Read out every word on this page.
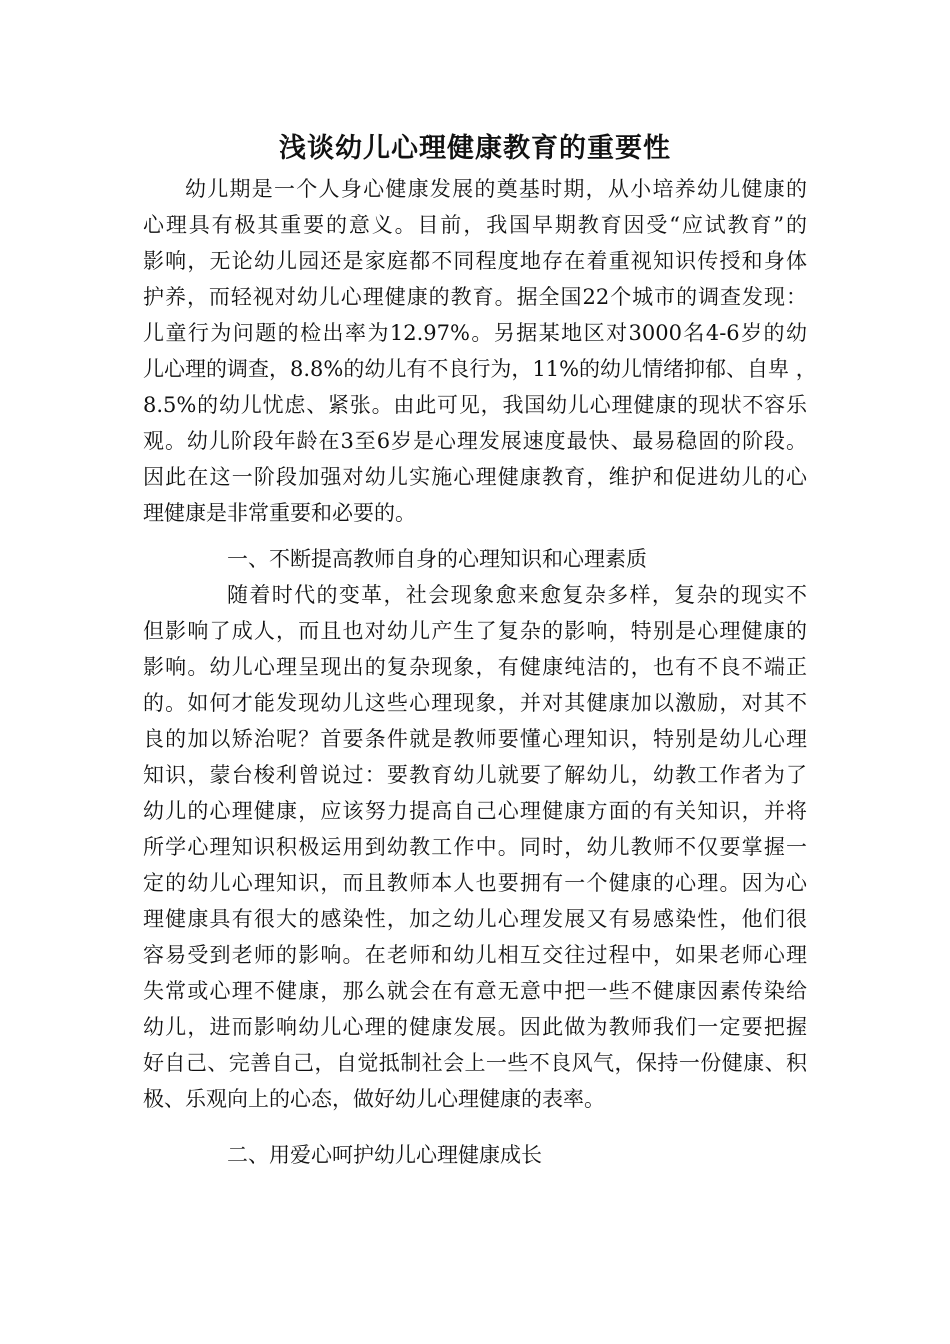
浅谈幼儿心理健康教育的重要性

幼儿期是一个人身心健康发展的奠基时期，从小培养幼儿健康的

心理具有极其重要的意义。目前，我国早期教育因受“应试教育”的

影响，无论幼儿园还是家庭都不同程度地存在着重视知识传授和身体

护养，而轻视对幼儿心理健康的教育。据全国22个城市的调查发现：

儿童行为问题的检出率为12.97%。另据某地区对3000名4-6岁的幼

儿心理的调查，8.8%的幼儿有不良行为，11%的幼儿情绪抑郁、自卑 ，

8.5%的幼儿忧虑、紧张。由此可见，我国幼儿心理健康的现状不容乐

观。幼儿阶段年龄在3至6岁是心理发展速度最快、最易稳固的阶段。

因此在这一阶段加强对幼儿实施心理健康教育，维护和促进幼儿的心

理健康是非常重要和必要的。

一、不断提高教师自身的心理知识和心理素质

随着时代的变革，社会现象愈来愈复杂多样，复杂的现实不

但影响了成人，而且也对幼儿产生了复杂的影响，特别是心理健康的

影响。幼儿心理呈现出的复杂现象，有健康纯洁的，也有不良不端正

的。如何才能发现幼儿这些心理现象，并对其健康加以激励，对其不

良的加以矫治呢？首要条件就是教师要懂心理知识，特别是幼儿心理

知识，蒙台梭利曾说过：要教育幼儿就要了解幼儿，幼教工作者为了

幼儿的心理健康，应该努力提高自己心理健康方面的有关知识，并将

所学心理知识积极运用到幼教工作中。同时，幼儿教师不仅要掌握一

定的幼儿心理知识，而且教师本人也要拥有一个健康的心理。因为心

理健康具有很大的感染性，加之幼儿心理发展又有易感染性，他们很

容易受到老师的影响。在老师和幼儿相互交往过程中，如果老师心理

失常或心理不健康，那么就会在有意无意中把一些不健康因素传染给

幼儿，进而影响幼儿心理的健康发展。因此做为教师我们一定要把握

好自己、完善自己，自觉抵制社会上一些不良风气，保持一份健康、积

极、乐观向上的心态，做好幼儿心理健康的表率。

二、用爱心呵护幼儿心理健康成长
